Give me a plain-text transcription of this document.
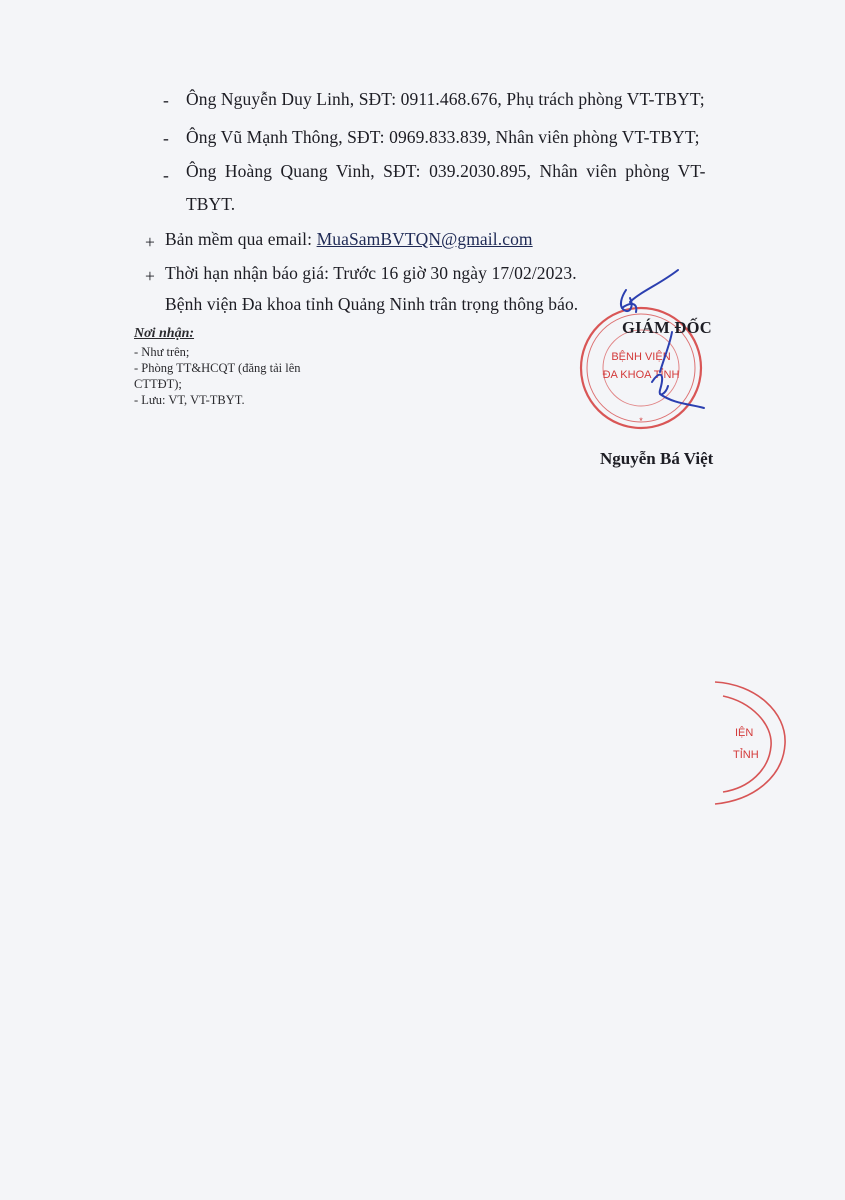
- Ông Nguyễn Duy Linh, SĐT: 0911.468.676, Phụ trách phòng VT-TBYT;
- Ông Vũ Mạnh Thông, SĐT: 0969.833.839, Nhân viên phòng VT-TBYT;
- Ông Hoàng Quang Vinh, SĐT: 039.2030.895, Nhân viên phòng VT-
TBYT.
+ Bản mềm qua email: MuaSamBVTQN@gmail.com
+ Thời hạn nhận báo giá: Trước 16 giờ 30 ngày 17/02/2023.
Bệnh viện Đa khoa tỉnh Quảng Ninh trân trọng thông báo.
Nơi nhận:
- Như trên;
- Phòng TT&HCQT (đăng tải lên
CTTĐT);
- Lưu: VT, VT-TBYT.
BỆNH VIỆN
ĐA KHOA TỈNH
*
GIÁM ĐỐC
Nguyễn Bá Việt
IỆN
TỈNH
